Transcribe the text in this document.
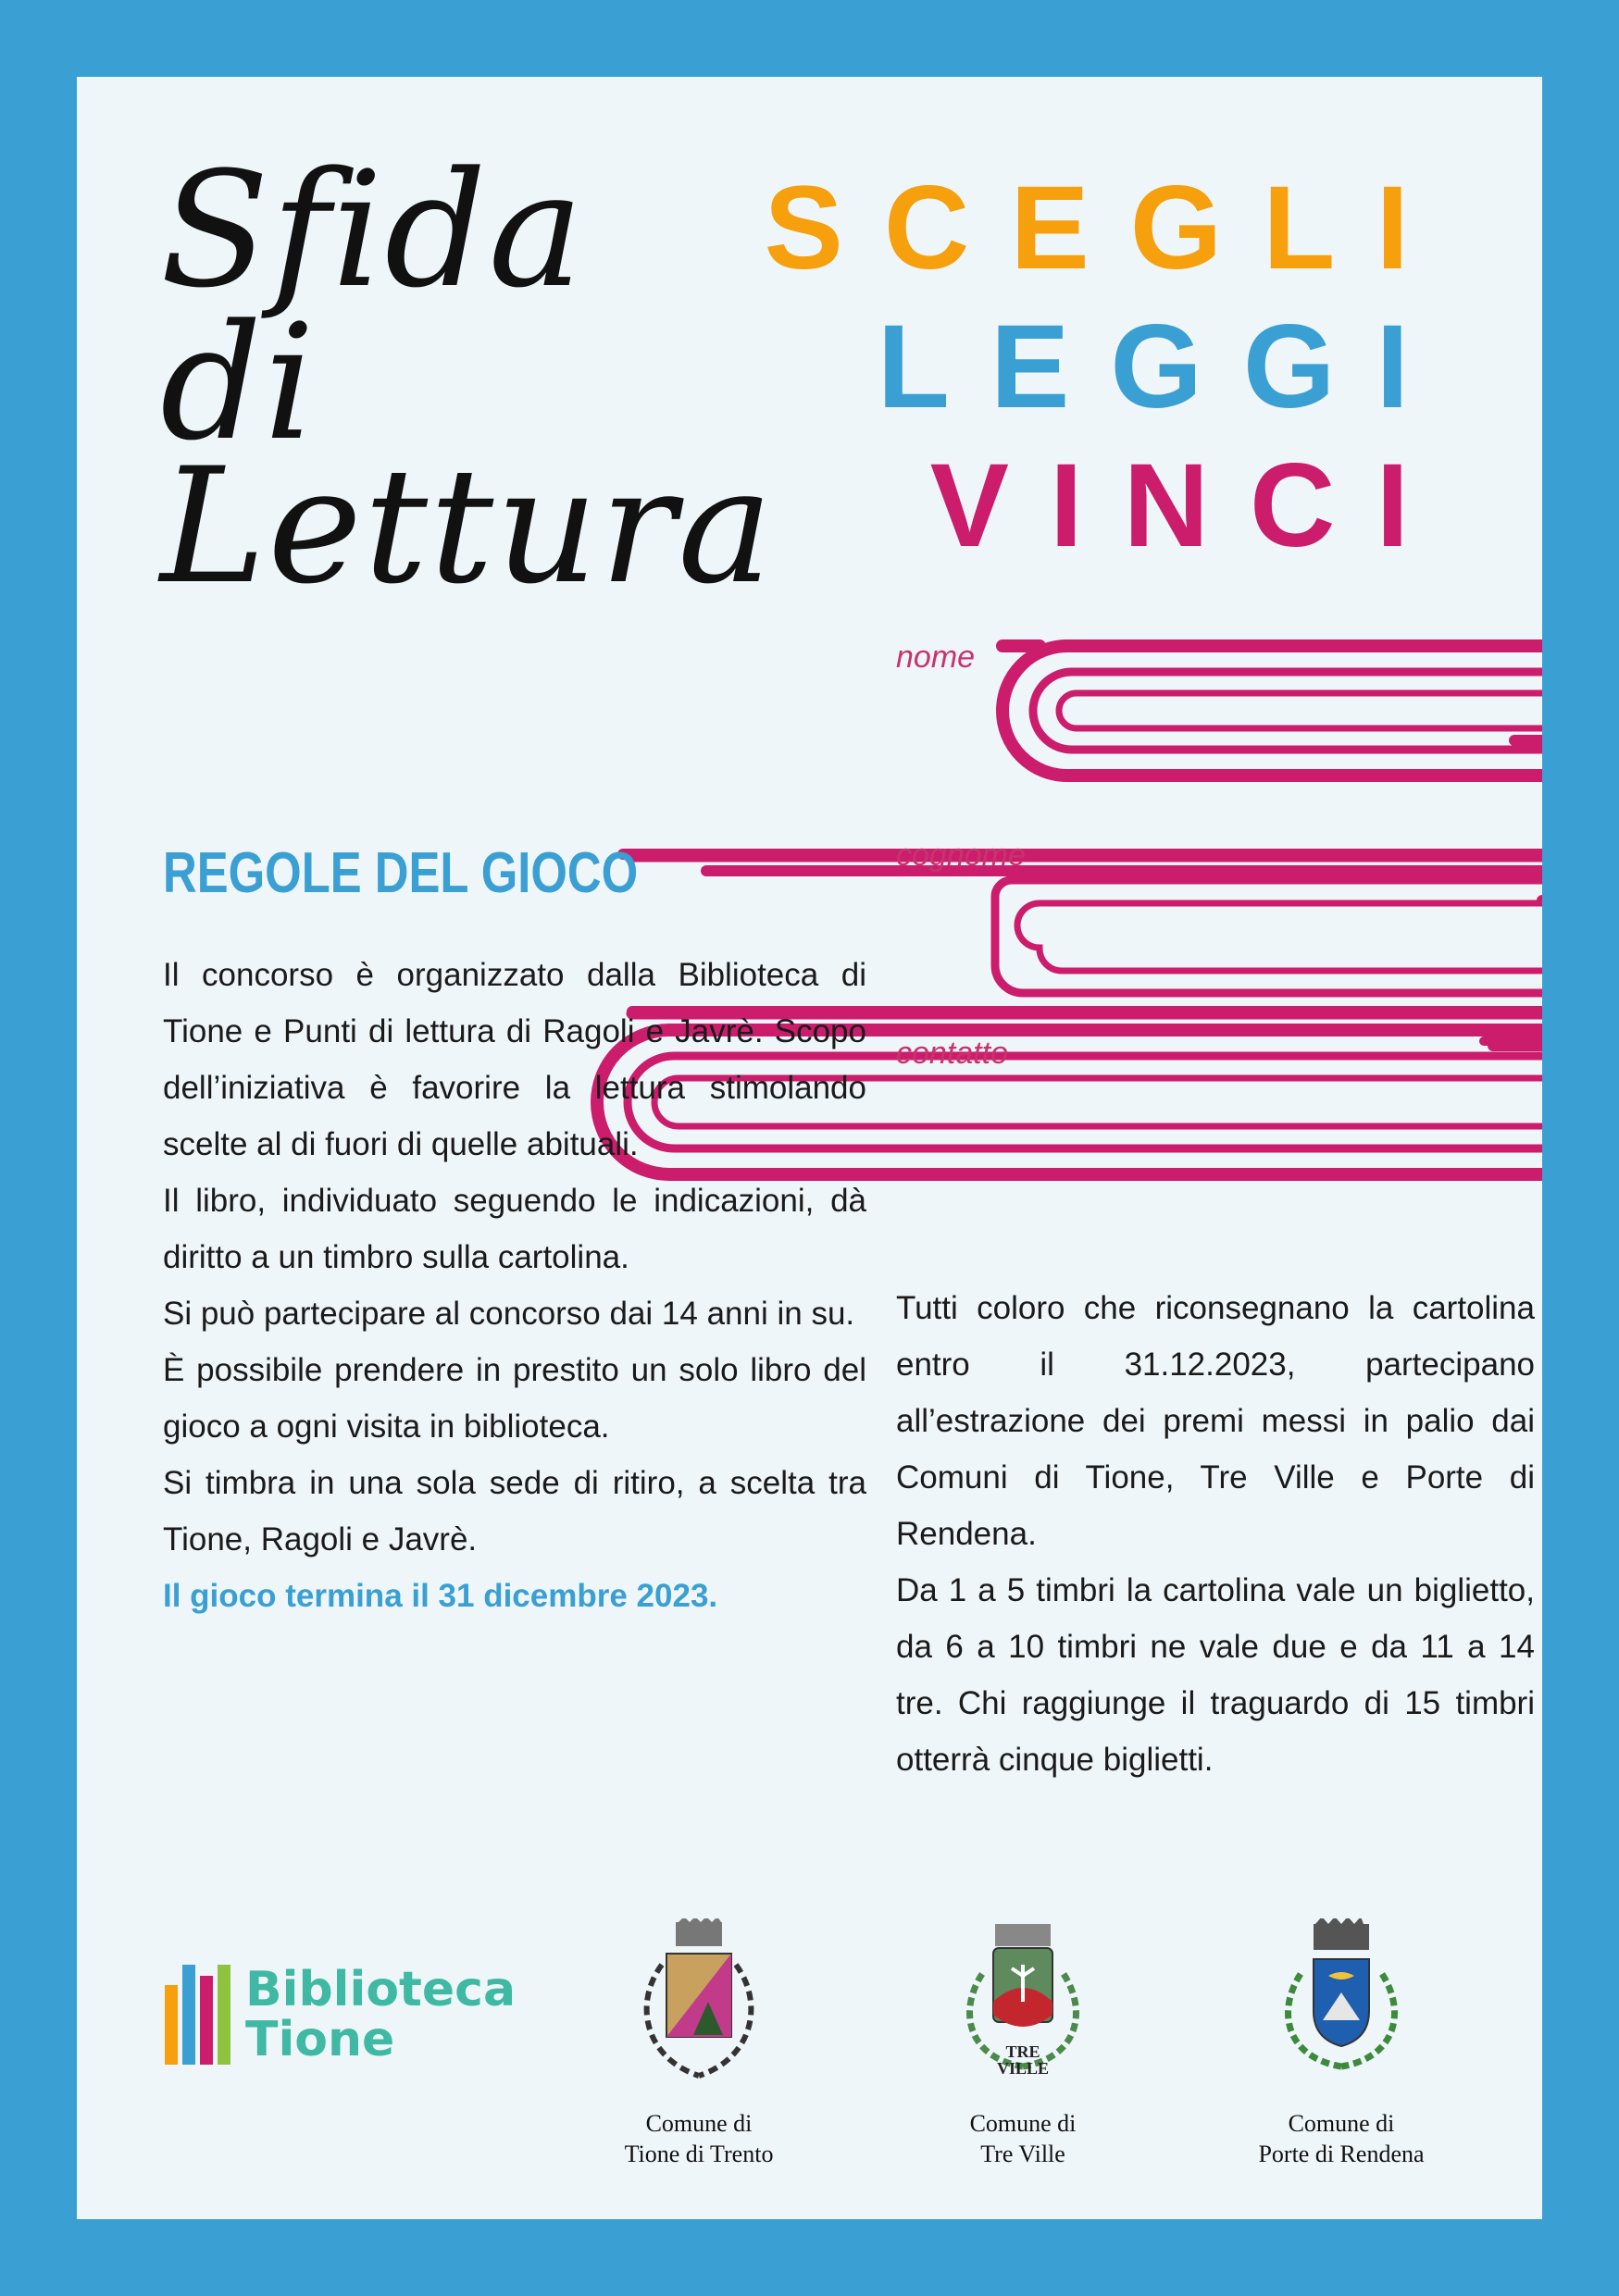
Sfida
di
Lettura
SCEGLI
LEGGI
VINCI
nome
cognome
contatto
REGOLE DEL GIOCO

Il concorso è organizzato dalla Biblioteca di Tione e Punti di lettura di Ragoli e Javrè. Scopo dell’iniziativa è favorire la lettura stimolando scelte al di fuori di quelle abituali.

Il libro, individuato seguendo le indicazioni, dà diritto a un timbro sulla cartolina.

Si può partecipare al concorso dai 14 anni in su.

È possibile prendere in prestito un solo libro del gioco a ogni visita in biblioteca.

Si timbra in una sola sede di ritiro, a scelta tra Tione, Ragoli e Javrè.

Il gioco termina il 31 dicembre 2023.

Tutti coloro che riconsegnano la cartolina entro il 31.12.2023, partecipano all’estrazione dei premi messi in palio dai Comuni di Tione, Tre Ville e Porte di Rendena.

Da 1 a 5 timbri la cartolina vale un biglietto, da 6 a 10 timbri ne vale due e da 11 a 14 tre. Chi raggiunge il traguardo di 15 timbri otterrà cinque biglietti.

Biblioteca
Tione
Comune di
Tione di Trento
TRE
VILLE
Comune di
Tre Ville
Comune di
Porte di Rendena
